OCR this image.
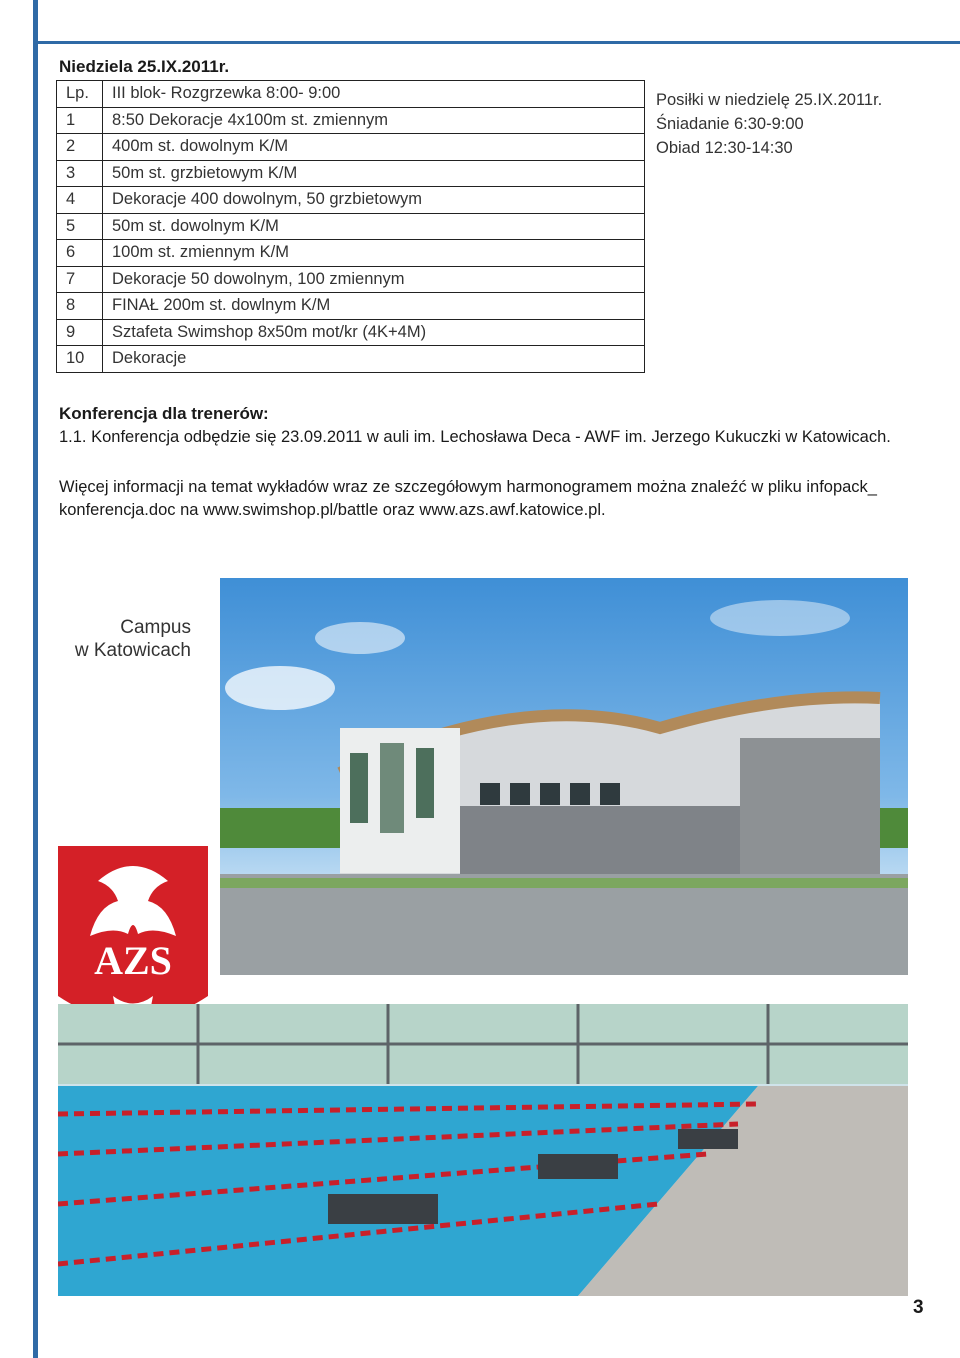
Niedziela 25.IX.2011r.
Lp.	III blok- Rozgrzewka 8:00- 9:00
1	8:50 Dekoracje 4x100m st. zmiennym
2	400m st. dowolnym K/M
3	50m st. grzbietowym K/M
4	Dekoracje 400 dowolnym, 50 grzbietowym
5	50m st. dowolnym K/M
6	100m st. zmiennym K/M
7	Dekoracje 50 dowolnym, 100 zmiennym
8	FINAŁ 200m st. dowlnym K/M
9	Sztafeta Swimshop 8x50m mot/kr (4K+4M)
10	Dekoracje
Posiłki w niedzielę 25.IX.2011r.
Śniadanie 6:30-9:00
Obiad 12:30-14:30
Konferencja dla trenerów:
1.1. Konferencja odbędzie się 23.09.2011 w auli im. Lechosława Deca - AWF im. Jerzego Kukuczki w Katowicach.
Więcej informacji na temat wykładów wraz ze szczegółowym harmonogramem można znaleźć w pliku infopack_ konferencja.doc na www.swimshop.pl/battle oraz www.azs.awf.katowice.pl.
Campus
w Katowicach
AZS
3
